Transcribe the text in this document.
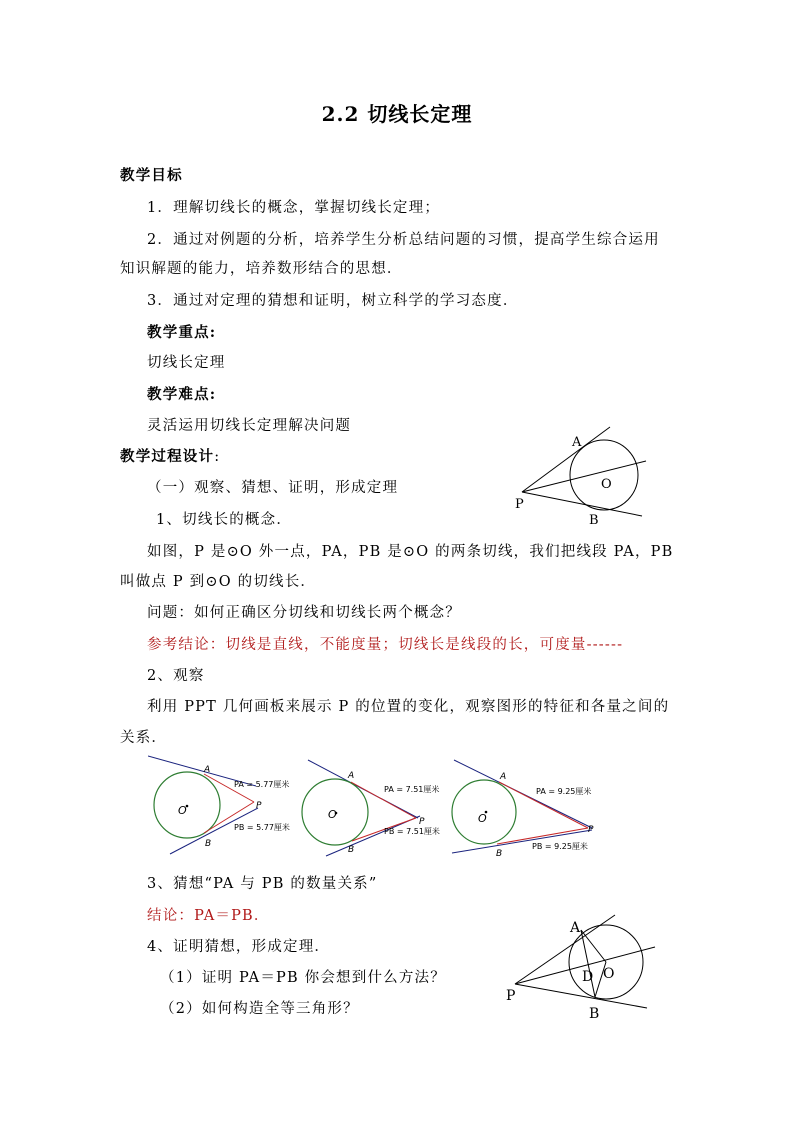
2.2 切线长定理
教学目标
1．理解切线长的概念，掌握切线长定理；
2．通过对例题的分析，培养学生分析总结问题的习惯，提高学生综合运用
知识解题的能力，培养数形结合的思想．
3．通过对定理的猜想和证明，树立科学的学习态度．
教学重点:
切线长定理
教学难点:
灵活运用切线长定理解决问题
教学过程设计:
（一）观察、猜想、证明，形成定理
1、切线长的概念．
如图，P 是⊙O 外一点，PA，PB 是⊙O 的两条切线，我们把线段 PA，PB
叫做点 P 到⊙O 的切线长．
问题：如何正确区分切线和切线长两个概念？
参考结论：切线是直线，不能度量；切线长是线段的长，可度量------
2、观察
利用 PPT 几何画板来展示 P 的位置的变化，观察图形的特征和各量之间的
关系．
3、猜想“PA 与 PB 的数量关系”
结论：PA＝PB．
4、证明猜想，形成定理．
（1）证明 PA＝PB 你会想到什么方法？
（2）如何构造全等三角形？
A
P
O
B
O
A
B
P
PA = 5.77厘米
PB = 5.77厘米
O
A
B
P
PA = 7.51厘米
PB = 7.51厘米
O
A
B
P
PA = 9.25厘米
PB = 9.25厘米
A
P
D O
B
